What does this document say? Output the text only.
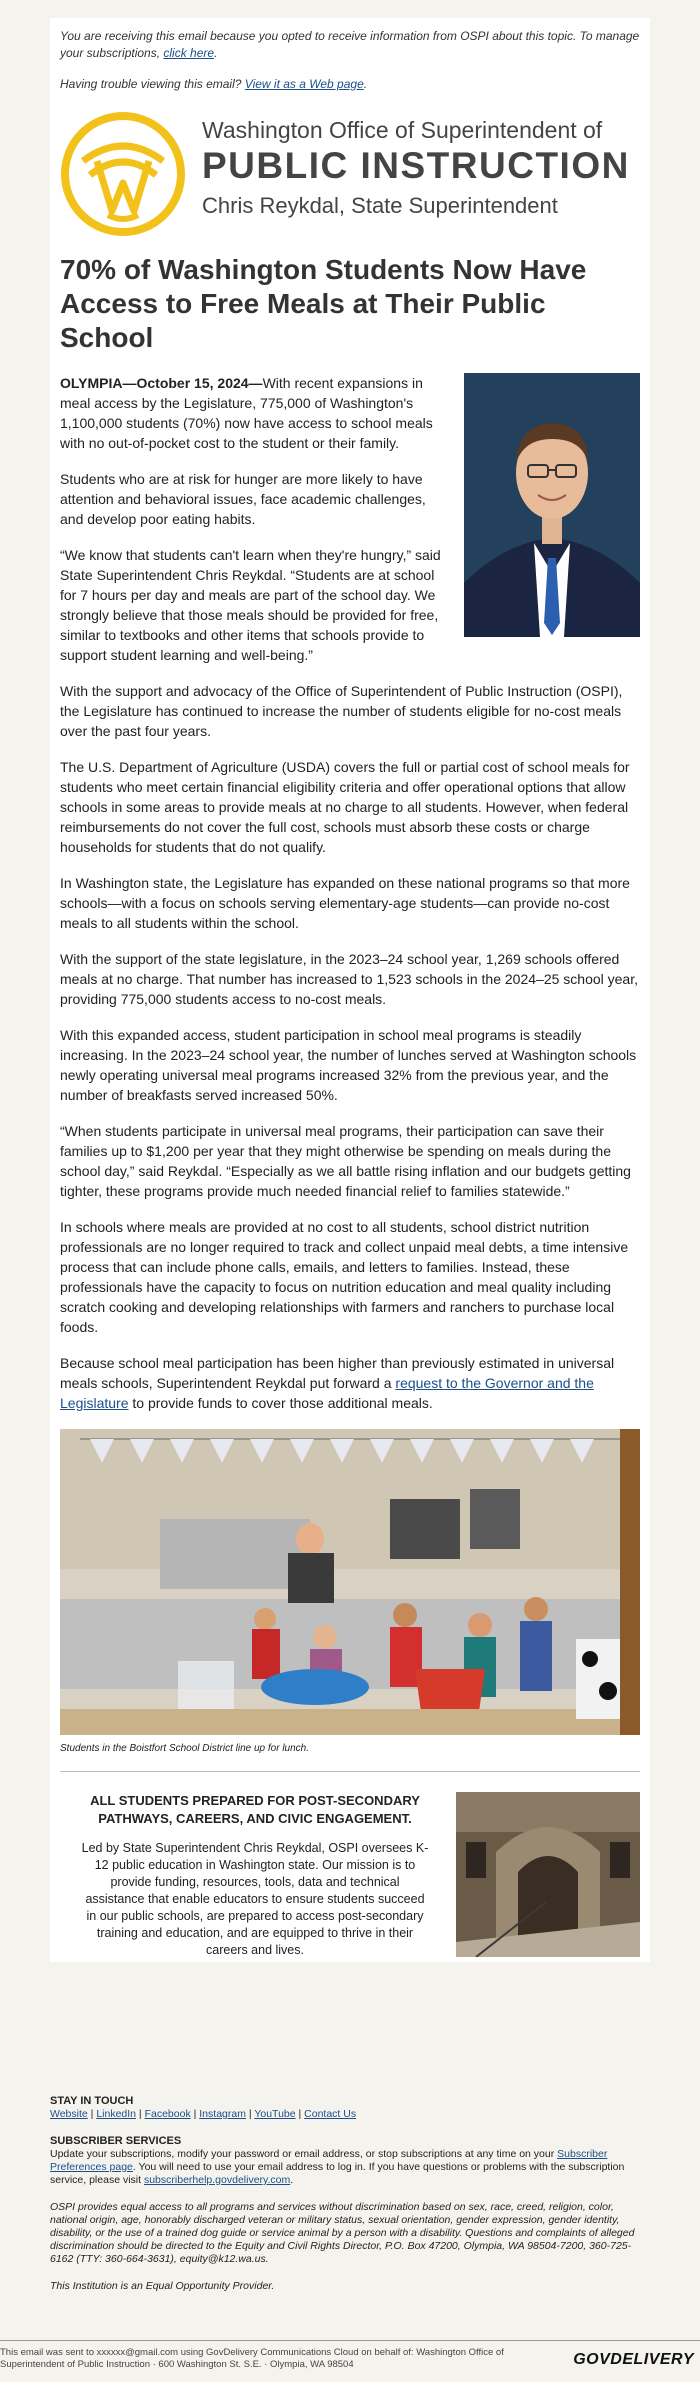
You are receiving this email because you opted to receive information from OSPI about this topic. To manage your subscriptions, click here.

Having trouble viewing this email? View it as a Web page.

Washington Office of Superintendent of
PUBLIC INSTRUCTION
Chris Reykdal, State Superintendent
70% of Washington Students Now Have Access to Free Meals at Their Public School

OLYMPIA—October 15, 2024—With recent expansions in meal access by the Legislature, 775,000 of Washington's 1,100,000 students (70%) now have access to school meals with no out-of-pocket cost to the student or their family.

Students who are at risk for hunger are more likely to have attention and behavioral issues, face academic challenges, and develop poor eating habits.

“We know that students can't learn when they're hungry,” said State Superintendent Chris Reykdal. “Students are at school for 7 hours per day and meals are part of the school day. We strongly believe that those meals should be provided for free, similar to textbooks and other items that schools provide to support student learning and well-being.”

With the support and advocacy of the Office of Superintendent of Public Instruction (OSPI), the Legislature has continued to increase the number of students eligible for no-cost meals over the past four years.

The U.S. Department of Agriculture (USDA) covers the full or partial cost of school meals for students who meet certain financial eligibility criteria and offer operational options that allow schools in some areas to provide meals at no charge to all students. However, when federal reimbursements do not cover the full cost, schools must absorb these costs or charge households for students that do not qualify.

In Washington state, the Legislature has expanded on these national programs so that more schools—with a focus on schools serving elementary-age students—can provide no-cost meals to all students within the school.

With the support of the state legislature, in the 2023–24 school year, 1,269 schools offered meals at no charge. That number has increased to 1,523 schools in the 2024–25 school year, providing 775,000 students access to no-cost meals.

With this expanded access, student participation in school meal programs is steadily increasing. In the 2023–24 school year, the number of lunches served at Washington schools newly operating universal meal programs increased 32% from the previous year, and the number of breakfasts served increased 50%.

“When students participate in universal meal programs, their participation can save their families up to $1,200 per year that they might otherwise be spending on meals during the school day,” said Reykdal. “Especially as we all battle rising inflation and our budgets getting tighter, these programs provide much needed financial relief to families statewide.”

In schools where meals are provided at no cost to all students, school district nutrition professionals are no longer required to track and collect unpaid meal debts, a time intensive process that can include phone calls, emails, and letters to families. Instead, these professionals have the capacity to focus on nutrition education and meal quality including scratch cooking and developing relationships with farmers and ranchers to purchase local foods.

Because school meal participation has been higher than previously estimated in universal meals schools, Superintendent Reykdal put forward a request to the Governor and the Legislature to provide funds to cover those additional meals.

Students in the Boistfort School District line up for lunch.
ALL STUDENTS PREPARED FOR POST-SECONDARY PATHWAYS, CAREERS, AND CIVIC ENGAGEMENT.
Led by State Superintendent Chris Reykdal, OSPI oversees K-12 public education in Washington state. Our mission is to provide funding, resources, tools, data and technical assistance that enable educators to ensure students succeed in our public schools, are prepared to access post-secondary training and education, and are equipped to thrive in their careers and lives.
STAY IN TOUCH

Website | LinkedIn | Facebook | Instagram | YouTube | Contact Us

SUBSCRIBER SERVICES

Update your subscriptions, modify your password or email address, or stop subscriptions at any time on your Subscriber Preferences page. You will need to use your email address to log in. If you have questions or problems with the subscription service, please visit subscriberhelp.govdelivery.com.

OSPI provides equal access to all programs and services without discrimination based on sex, race, creed, religion, color, national origin, age, honorably discharged veteran or military status, sexual orientation, gender expression, gender identity, disability, or the use of a trained dog guide or service animal by a person with a disability. Questions and complaints of alleged discrimination should be directed to the Equity and Civil Rights Director, P.O. Box 47200, Olympia, WA 98504-7200, 360-725-6162 (TTY: 360-664-3631), equity@k12.wa.us.

This Institution is an Equal Opportunity Provider.

This email was sent to xxxxxx@gmail.com using GovDelivery Communications Cloud on behalf of: Washington Office of Superintendent of Public Instruction · 600 Washington St. S.E. · Olympia, WA 98504	GOVDELIVERY
